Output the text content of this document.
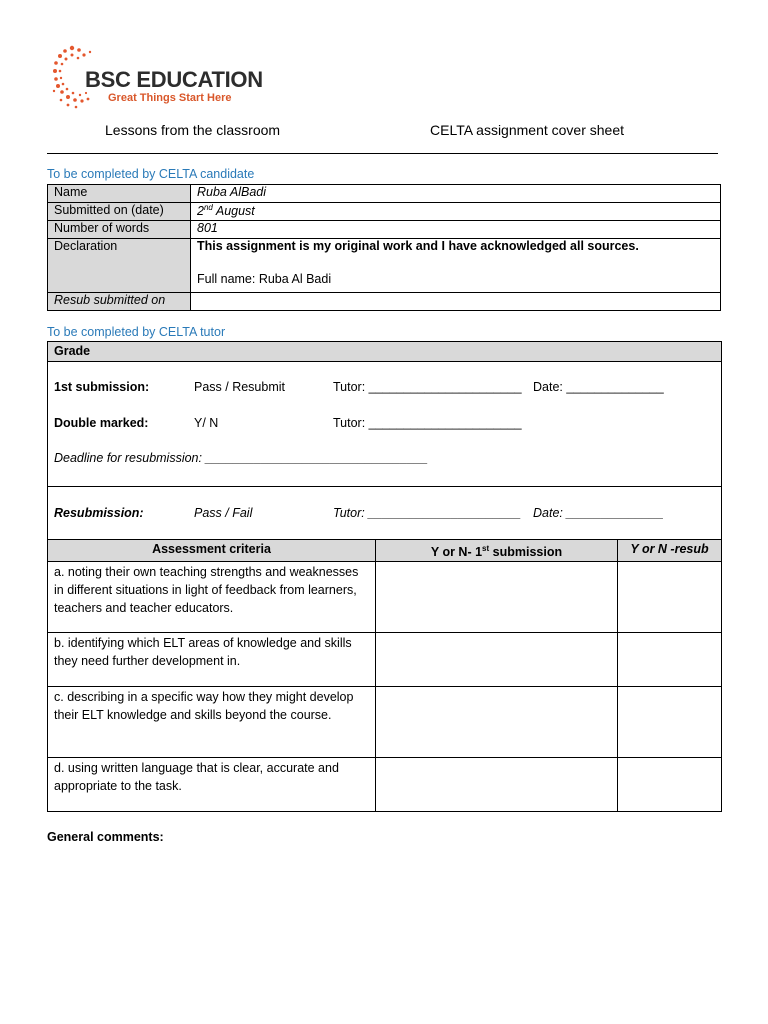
BSC EDUCATION
Great Things Start Here
Lessons from the classroom	CELTA assignment cover sheet
To be completed by CELTA candidate
Name	Ruba AlBadi
Submitted on (date)	2nd August
Number of words	801
Declaration	This assignment is my original work and I have acknowledged all sources.
Full name: Ruba Al Badi

Resub submitted on	
To be completed by CELTA tutor
Grade
1st submission:	Pass / Resubmit	Tutor: ______________________ Date: ______________
Double marked:	Y/ N	Tutor: ______________________
Deadline for resubmission: ________________________________
Resubmission:	Pass / Fail	Tutor: ______________________ Date: ______________
Assessment criteria	Y or N- 1st submission	Y or N -resub
a. noting their own teaching strengths and weaknesses in different situations in light of feedback from learners, teachers and teacher educators.		
b. identifying which ELT areas of knowledge and skills they need further development in.		
c. describing in a specific way how they might develop their ELT knowledge and skills beyond the course.		
d. using written language that is clear, accurate and appropriate to the task.		
General comments:
